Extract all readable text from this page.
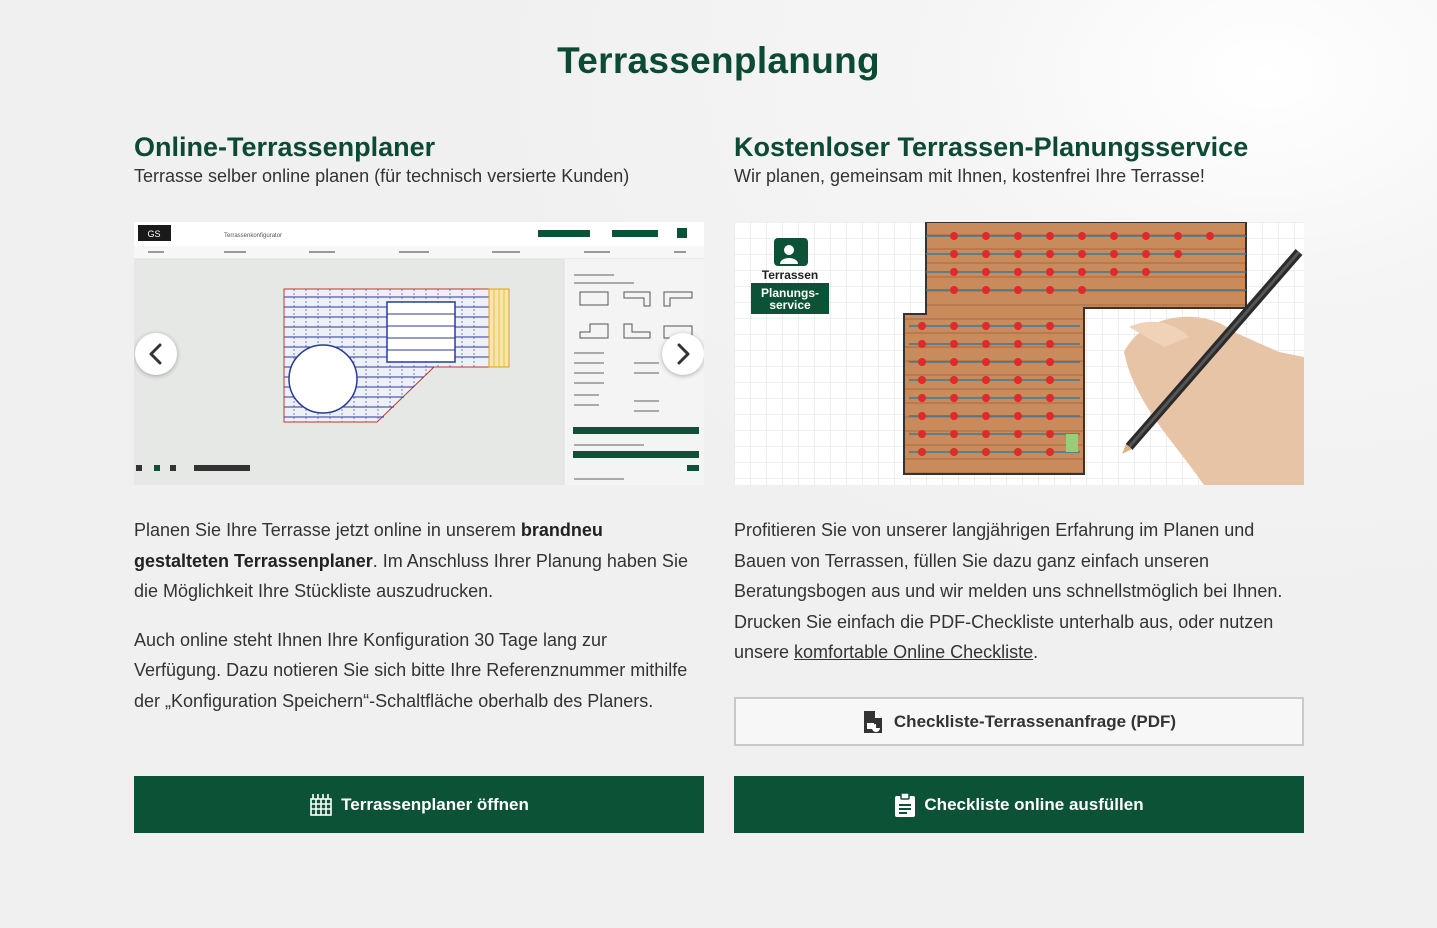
Terrassenplanung
Online-Terrassenplaner
Terrasse selber online planen (für technisch versierte Kunden)
GS	Terrassenkonfigurator

Planen Sie Ihre Terrasse jetzt online in unserem brandneu gestalteten Terrassenplaner. Im Anschluss Ihrer Planung haben Sie die Möglichkeit Ihre Stückliste auszudrucken.

Auch online steht Ihnen Ihre Konfiguration 30 Tage lang zur Verfügung. Dazu notieren Sie sich bitte Ihre Referenznummer mithilfe der „Konfiguration Speichern“-Schaltfläche oberhalb des Planers.

Terrassenplaner öffnen
Kostenloser Terrassen-Planungsservice
Wir planen, gemeinsam mit Ihnen, kostenfrei Ihre Terrasse!
Terrassen
Planungs-
service

Profitieren Sie von unserer langjährigen Erfahrung im Planen und Bauen von Terrassen, füllen Sie dazu ganz einfach unseren Beratungsbogen aus und wir melden uns schnellstmöglich bei Ihnen. Drucken Sie einfach die PDF-Checkliste unterhalb aus, oder nutzen unsere komfortable Online Checkliste.

Checkliste-Terrassenanfrage (PDF)
Checkliste online ausfüllen
